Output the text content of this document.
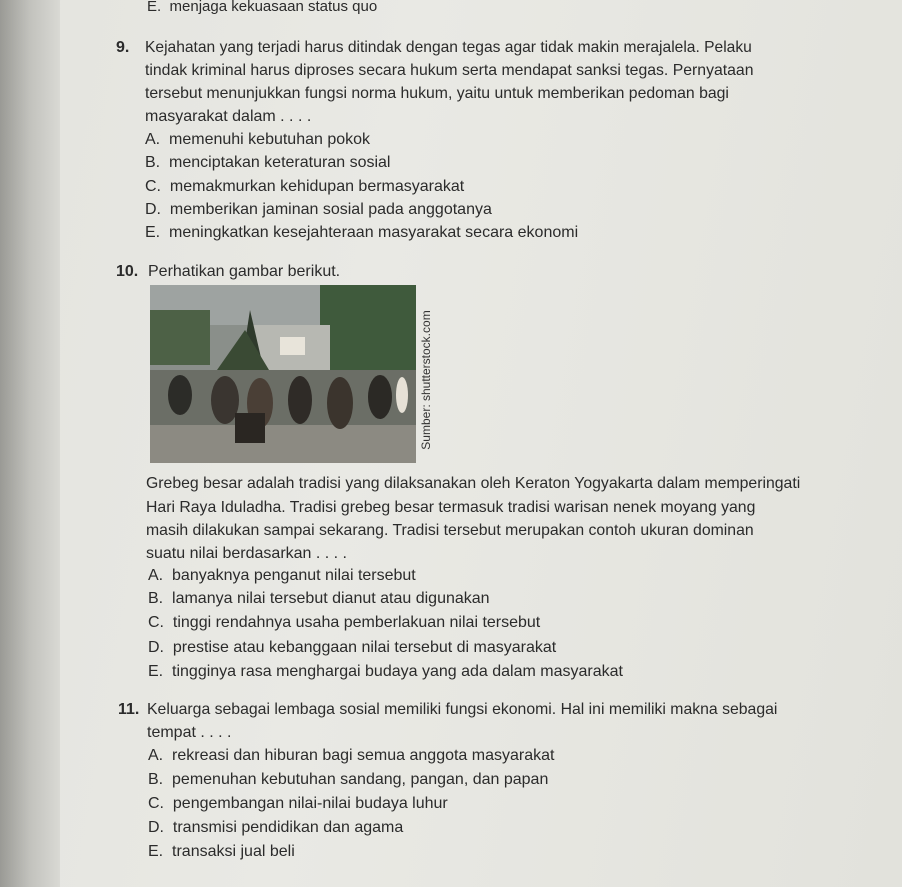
E. menjaga kekuasaan status quo
9. Kejahatan yang terjadi harus ditindak dengan tegas agar tidak makin merajalela. Pelaku
tindak kriminal harus diproses secara hukum serta mendapat sanksi tegas. Pernyataan
tersebut menunjukkan fungsi norma hukum, yaitu untuk memberikan pedoman bagi
masyarakat dalam . . . .
A. memenuhi kebutuhan pokok
B. menciptakan keteraturan sosial
C. memakmurkan kehidupan bermasyarakat
D. memberikan jaminan sosial pada anggotanya
E. meningkatkan kesejahteraan masyarakat secara ekonomi
10. Perhatikan gambar berikut.
Sumber: shutterstock.com
Grebeg besar adalah tradisi yang dilaksanakan oleh Keraton Yogyakarta dalam memperingati
Hari Raya Iduladha. Tradisi grebeg besar termasuk tradisi warisan nenek moyang yang
masih dilakukan sampai sekarang. Tradisi tersebut merupakan contoh ukuran dominan
suatu nilai berdasarkan . . . .
A. banyaknya penganut nilai tersebut
B. lamanya nilai tersebut dianut atau digunakan
C. tinggi rendahnya usaha pemberlakuan nilai tersebut
D. prestise atau kebanggaan nilai tersebut di masyarakat
E. tingginya rasa menghargai budaya yang ada dalam masyarakat
11. Keluarga sebagai lembaga sosial memiliki fungsi ekonomi. Hal ini memiliki makna sebagai
tempat . . . .
A. rekreasi dan hiburan bagi semua anggota masyarakat
B. pemenuhan kebutuhan sandang, pangan, dan papan
C. pengembangan nilai-nilai budaya luhur
D. transmisi pendidikan dan agama
E. transaksi jual beli
